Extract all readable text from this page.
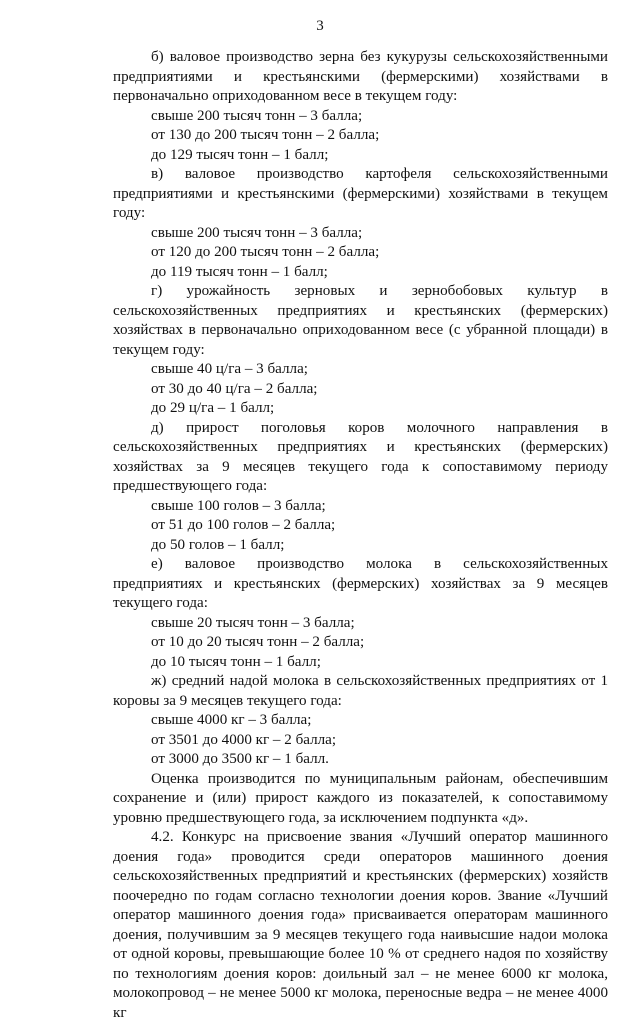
3

б) валовое производство зерна без кукурузы сельскохозяйственными предприятиями и крестьянскими (фермерскими) хозяйствами в первоначально оприходованном весе в текущем году:

свыше 200 тысяч тонн – 3 балла;

от 130 до 200 тысяч тонн – 2 балла;

до 129 тысяч тонн – 1 балл;

в) валовое производство картофеля сельскохозяйственными предприятиями и крестьянскими (фермерскими) хозяйствами в текущем году:

свыше 200 тысяч тонн – 3 балла;

от 120 до 200 тысяч тонн – 2 балла;

до 119 тысяч тонн – 1 балл;

г) урожайность зерновых и зернобобовых культур в сельскохозяйственных предприятиях и крестьянских (фермерских) хозяйствах в первоначально оприходованном весе (с убранной площади) в текущем году:

свыше 40 ц/га – 3 балла;

от 30 до 40 ц/га – 2 балла;

до 29 ц/га – 1 балл;

д) прирост поголовья коров молочного направления в сельскохозяйственных предприятиях и крестьянских (фермерских) хозяйствах за 9 месяцев текущего года к сопоставимому периоду предшествующего года:

свыше 100 голов – 3 балла;

от 51 до 100 голов – 2 балла;

до 50 голов – 1 балл;

е) валовое производство молока в сельскохозяйственных предприятиях и крестьянских (фермерских) хозяйствах за 9 месяцев текущего года:

свыше 20 тысяч тонн – 3 балла;

от 10 до 20 тысяч тонн – 2 балла;

до 10 тысяч тонн – 1 балл;

ж) средний надой молока в сельскохозяйственных предприятиях от 1 коровы за 9 месяцев текущего года:

свыше 4000 кг – 3 балла;

от 3501 до 4000 кг – 2 балла;

от 3000 до 3500 кг – 1 балл.

Оценка производится по муниципальным районам, обеспечившим сохранение и (или) прирост каждого из показателей, к сопоставимому уровню предшествующего года, за исключением подпункта «д».

4.2. Конкурс на присвоение звания «Лучший оператор машинного доения года» проводится среди операторов машинного доения сельскохозяйственных предприятий и крестьянских (фермерских) хозяйств поочередно по годам согласно технологии доения коров. Звание «Лучший оператор машинного доения года» присваивается операторам машинного доения, получившим за 9 месяцев текущего года наивысшие надои молока от одной коровы, превышающие более 10 % от среднего надоя по хозяйству по технологиям доения коров: доильный зал – не менее 6000 кг молока, молокопровод – не менее 5000 кг молока, переносные ведра – не менее 4000 кг
